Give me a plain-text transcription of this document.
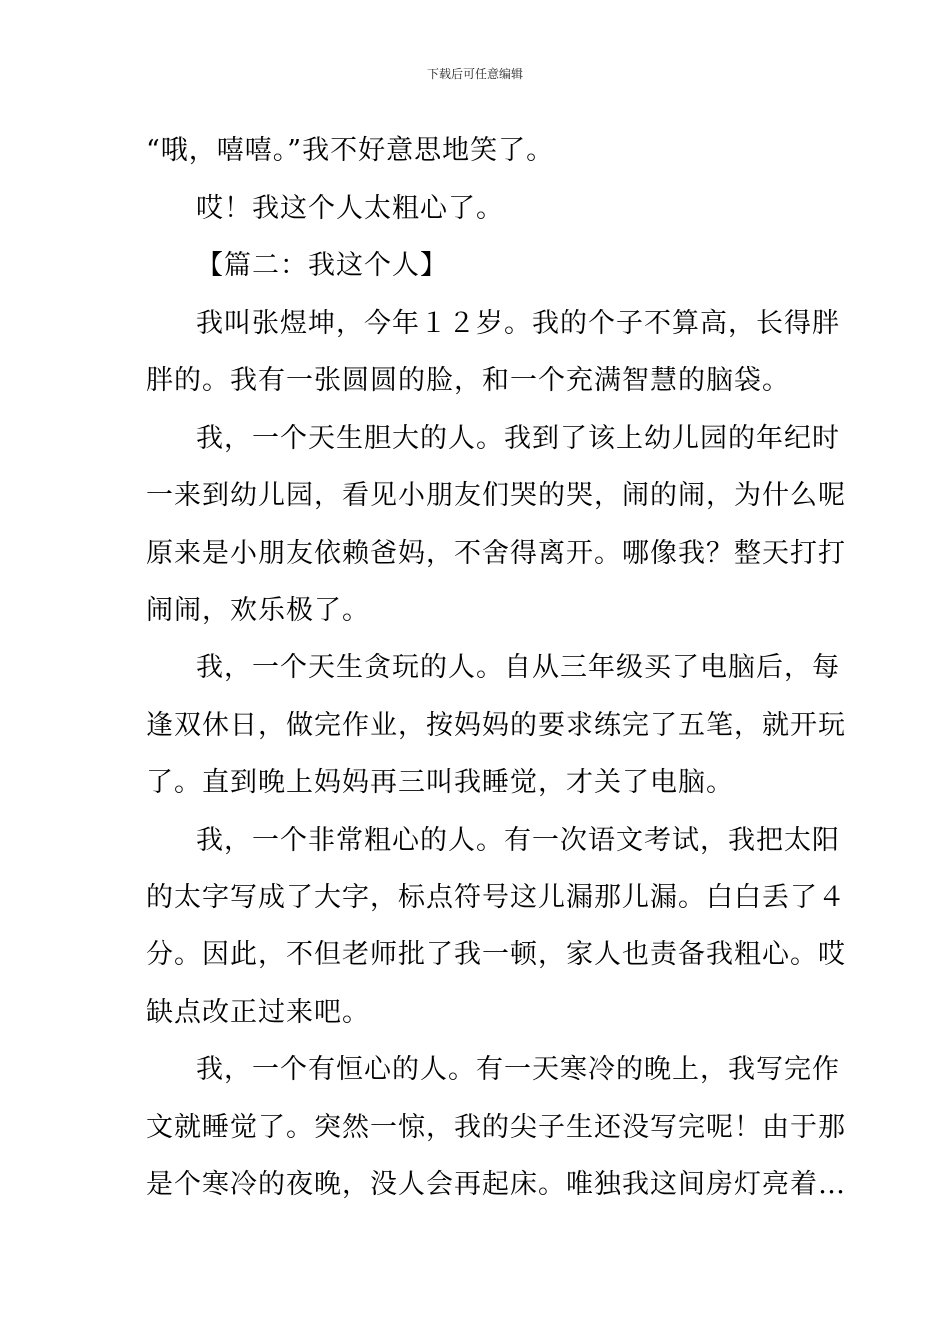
下载后可任意编辑
“哦，嘻嘻。”我不好意思地笑了。
哎！我这个人太粗心了。
【篇二：我这个人】
我叫张煜坤，今年１２岁。我的个子不算高，长得胖
胖的。我有一张圆圆的脸，和一个充满智慧的脑袋。
我，一个天生胆大的人。我到了该上幼儿园的年纪时
一来到幼儿园，看见小朋友们哭的哭，闹的闹，为什么呢
原来是小朋友依赖爸妈，不舍得离开。哪像我？整天打打
闹闹，欢乐极了。
我，一个天生贪玩的人。自从三年级买了电脑后，每
逢双休日，做完作业，按妈妈的要求练完了五笔，就开玩
了。直到晚上妈妈再三叫我睡觉，才关了电脑。
我，一个非常粗心的人。有一次语文考试，我把太阳
的太字写成了大字，标点符号这儿漏那儿漏。白白丢了４
分。因此，不但老师批了我一顿，家人也责备我粗心。哎
缺点改正过来吧。
我，一个有恒心的人。有一天寒冷的晚上，我写完作
文就睡觉了。突然一惊，我的尖子生还没写完呢！由于那
是个寒冷的夜晚，没人会再起床。唯独我这间房灯亮着…
